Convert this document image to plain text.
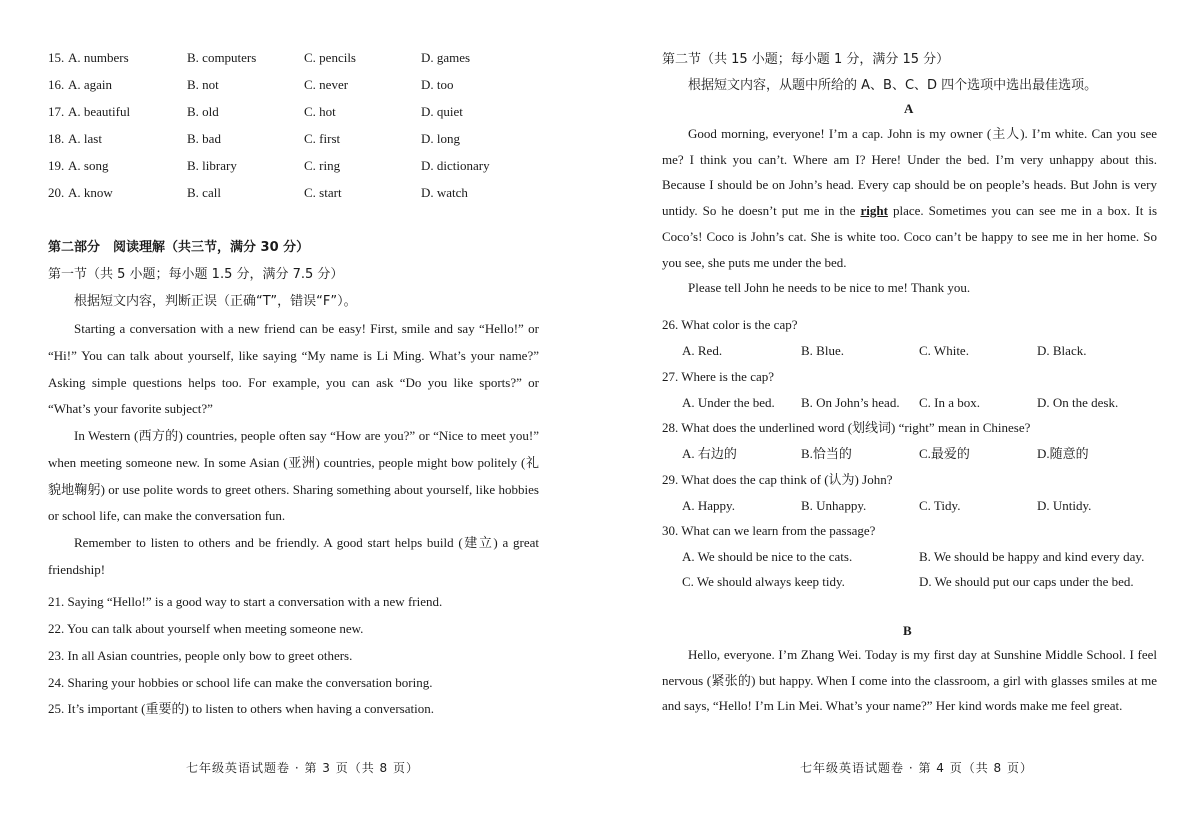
15. A. numbers	B. computers	C. pencils	D. games
16. A. again	B. not	C. never	D. too
17. A. beautiful	B. old	C. hot	D. quiet
18. A. last	B. bad	C. first	D. long
19. A. song	B. library	C. ring	D. dictionary
20. A. know	B. call	C. start	D. watch
第二部分　阅读理解（共三节，满分 30 分）
第一节（共 5 小题；每小题 1.5 分，满分 7.5 分）
根据短文内容，判断正误（正确“T”，错误“F”）。
Starting a conversation with a new friend can be easy! First, smile and say “Hello!” or “Hi!” You can talk about yourself, like saying “My name is Li Ming. What’s your name?” Asking simple questions helps too. For example, you can ask “Do you like sports?” or “What’s your favorite subject?”
In Western (西方的) countries, people often say “How are you?” or “Nice to meet you!” when meeting someone new. In some Asian (亚洲) countries, people might bow politely (礼貌地鞠躬) or use polite words to greet others. Sharing something about yourself, like hobbies or school life, can make the conversation fun.
Remember to listen to others and be friendly. A good start helps build (建立) a great friendship!
21. Saying “Hello!” is a good way to start a conversation with a new friend.
22. You can talk about yourself when meeting someone new.
23. In all Asian countries, people only bow to greet others.
24. Sharing your hobbies or school life can make the conversation boring.
25. It’s important (重要的) to listen to others when having a conversation.
七年级英语试题卷 · 第 3 页（共 8 页）
第二节（共 15 小题；每小题 1 分，满分 15 分）
根据短文内容，从题中所给的 A、B、C、D 四个选项中选出最佳选项。
A
Good morning, everyone! I’m a cap. John is my owner (主人). I’m white. Can you see me? I think you can’t. Where am I? Here! Under the bed. I’m very unhappy about this. Because I should be on John’s head. Every cap should be on people’s heads. But John is very untidy. So he doesn’t put me in the right place. Sometimes you can see me in a box. It is Coco’s! Coco is John’s cat. She is white too. Coco can’t be happy to see me in her home. So you see, she puts me under the bed.
Please tell John he needs to be nice to me! Thank you.
26. What color is the cap?
A. Red.	B. Blue.	C. White.	D. Black.
27. Where is the cap?
A. Under the bed. B. On John’s head. C. In a box.	D. On the desk.
28. What does the underlined word (划线词) “right” mean in Chinese?
A. 右边的	B.恰当的	C.最爱的	D.随意的
29. What does the cap think of (认为) John?
A. Happy.	B. Unhappy.	C. Tidy.	D. Untidy.
30. What can we learn from the passage?
A. We should be nice to the cats.	B. We should be happy and kind every day.
C. We should always keep tidy.	D. We should put our caps under the bed.
B
Hello, everyone. I’m Zhang Wei. Today is my first day at Sunshine Middle School. I feel nervous (紧张的) but happy. When I come into the classroom, a girl with glasses smiles at me and says, “Hello! I’m Lin Mei. What’s your name?” Her kind words make me feel great.
七年级英语试题卷 · 第 4 页（共 8 页）
